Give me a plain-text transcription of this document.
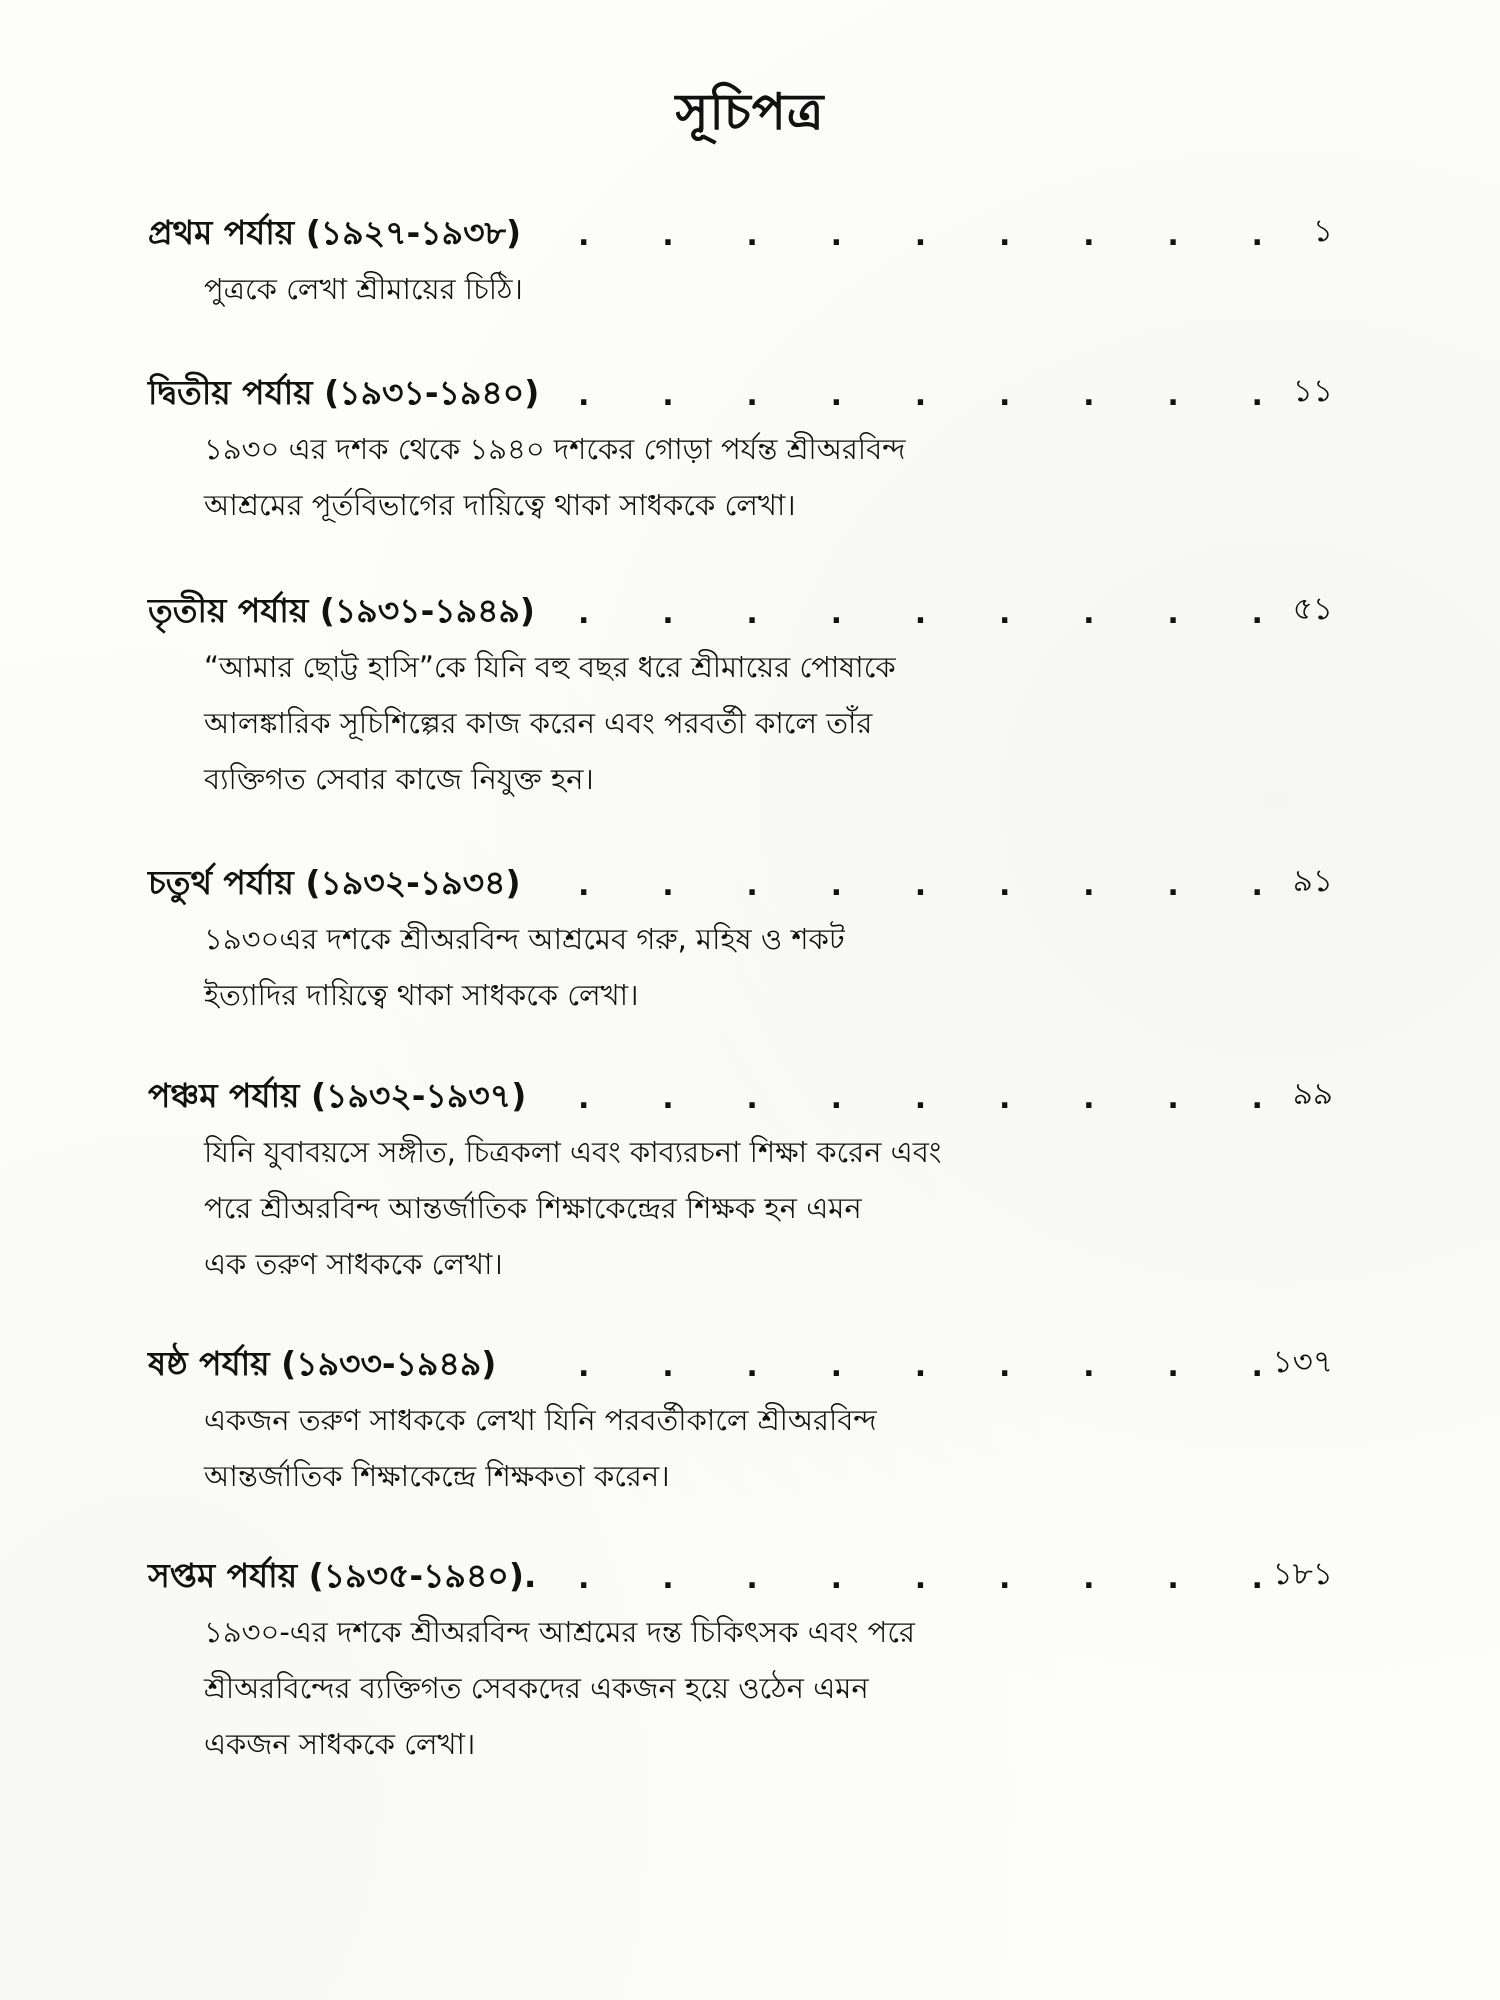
সূচিপত্র
প্রথম পর্যায় (১৯২৭-১৯৩৮) . . . . . . . . . ১
পুত্রকে লেখা শ্রীমায়ের চিঠি।
দ্বিতীয় পর্যায় (১৯৩১-১৯৪০) . . . . . . . . . ১১
১৯৩০ এর দশক থেকে ১৯৪০ দশকের গোড়া পর্যন্ত শ্রীঅরবিন্দ
আশ্রমের পূর্তবিভাগের দায়িত্বে থাকা সাধককে লেখা।
তৃতীয় পর্যায় (১৯৩১-১৯৪৯) . . . . . . . . . ৫১
“আমার ছোট্ট হাসি”কে যিনি বহু বছর ধরে শ্রীমায়ের পোষাকে
আলঙ্কারিক সূচিশিল্পের কাজ করেন এবং পরবর্তী কালে তাঁর
ব্যক্তিগত সেবার কাজে নিযুক্ত হন।
চতুর্থ পর্যায় (১৯৩২-১৯৩৪) . . . . . . . . . ৯১
১৯৩০এর দশকে শ্রীঅরবিন্দ আশ্রমেব গরু, মহিষ ও শকট
ইত্যাদির দায়িত্বে থাকা সাধককে লেখা।
পঞ্চম পর্যায় (১৯৩২-১৯৩৭) . . . . . . . . . ৯৯
যিনি যুবাবয়সে সঙ্গীত, চিত্রকলা এবং কাব্যরচনা শিক্ষা করেন এবং
পরে শ্রীঅরবিন্দ আন্তর্জাতিক শিক্ষাকেন্দ্রের শিক্ষক হন এমন
এক তরুণ সাধককে লেখা।
ষষ্ঠ পর্যায় (১৯৩৩-১৯৪৯)	. . . . . . . . . ১৩৭
একজন তরুণ সাধককে লেখা যিনি পরবর্তীকালে শ্রীঅরবিন্দ
আন্তর্জাতিক শিক্ষাকেন্দ্রে শিক্ষকতা করেন।
সপ্তম পর্যায় (১৯৩৫-১৯৪০). . . . . . . . . . ১৮১
১৯৩০-এর দশকে শ্রীঅরবিন্দ আশ্রমের দন্ত চিকিৎসক এবং পরে
শ্রীঅরবিন্দের ব্যক্তিগত সেবকদের একজন হয়ে ওঠেন এমন
একজন সাধককে লেখা।
